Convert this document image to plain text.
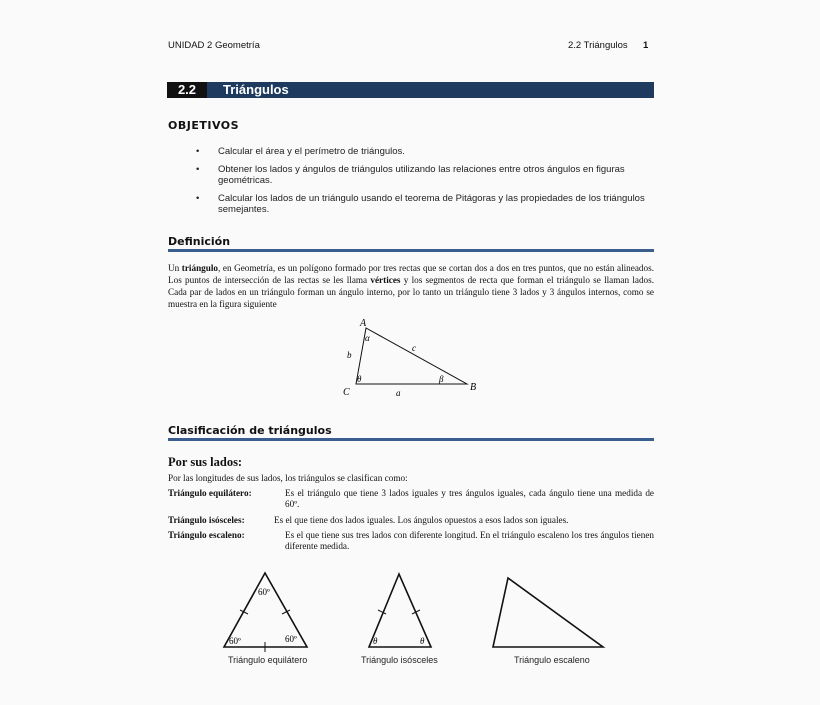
UNIDAD 2 Geometría	2.2 Triángulos 1
2.2	Triángulos
OBJETIVOS
• Calcular el área y el perímetro de triángulos.
• Obtener los lados y ángulos de triángulos utilizando las relaciones entre otros ángulos en figuras geométricas.
• Calcular los lados de un triángulo usando el teorema de Pitágoras y las propiedades de los triángulos semejantes.
Definición
Un triángulo, en Geometría, es un polígono formado por tres rectas que se cortan dos a dos en tres puntos, que no están alineados. Los puntos de intersección de las rectas se les llama vértices y los segmentos de recta que forman el triángulo se llaman lados. Cada par de lados en un triángulo forman un ángulo interno, por lo tanto un triángulo tiene 3 lados y 3 ángulos internos, como se muestra en la figura siguiente
A
B
C
b
c
a
α
θ	β
Clasificación de triángulos
Por sus lados:
Por las longitudes de sus lados, los triángulos se clasifican como:
Triángulo equilátero:	Es el triángulo que tiene 3 lados iguales y tres ángulos iguales, cada ángulo tiene una medida de 60º.
Triángulo isósceles:	Es el que tiene dos lados iguales. Los ángulos opuestos a esos lados son iguales.
Triángulo escaleno:	Es el que tiene sus tres lados con diferente longitud. En el triángulo escaleno los tres ángulos tienen diferente medida.
60º
60º	60º
Triángulo equilátero
θ	θ
Triángulo isósceles	Triángulo escaleno
